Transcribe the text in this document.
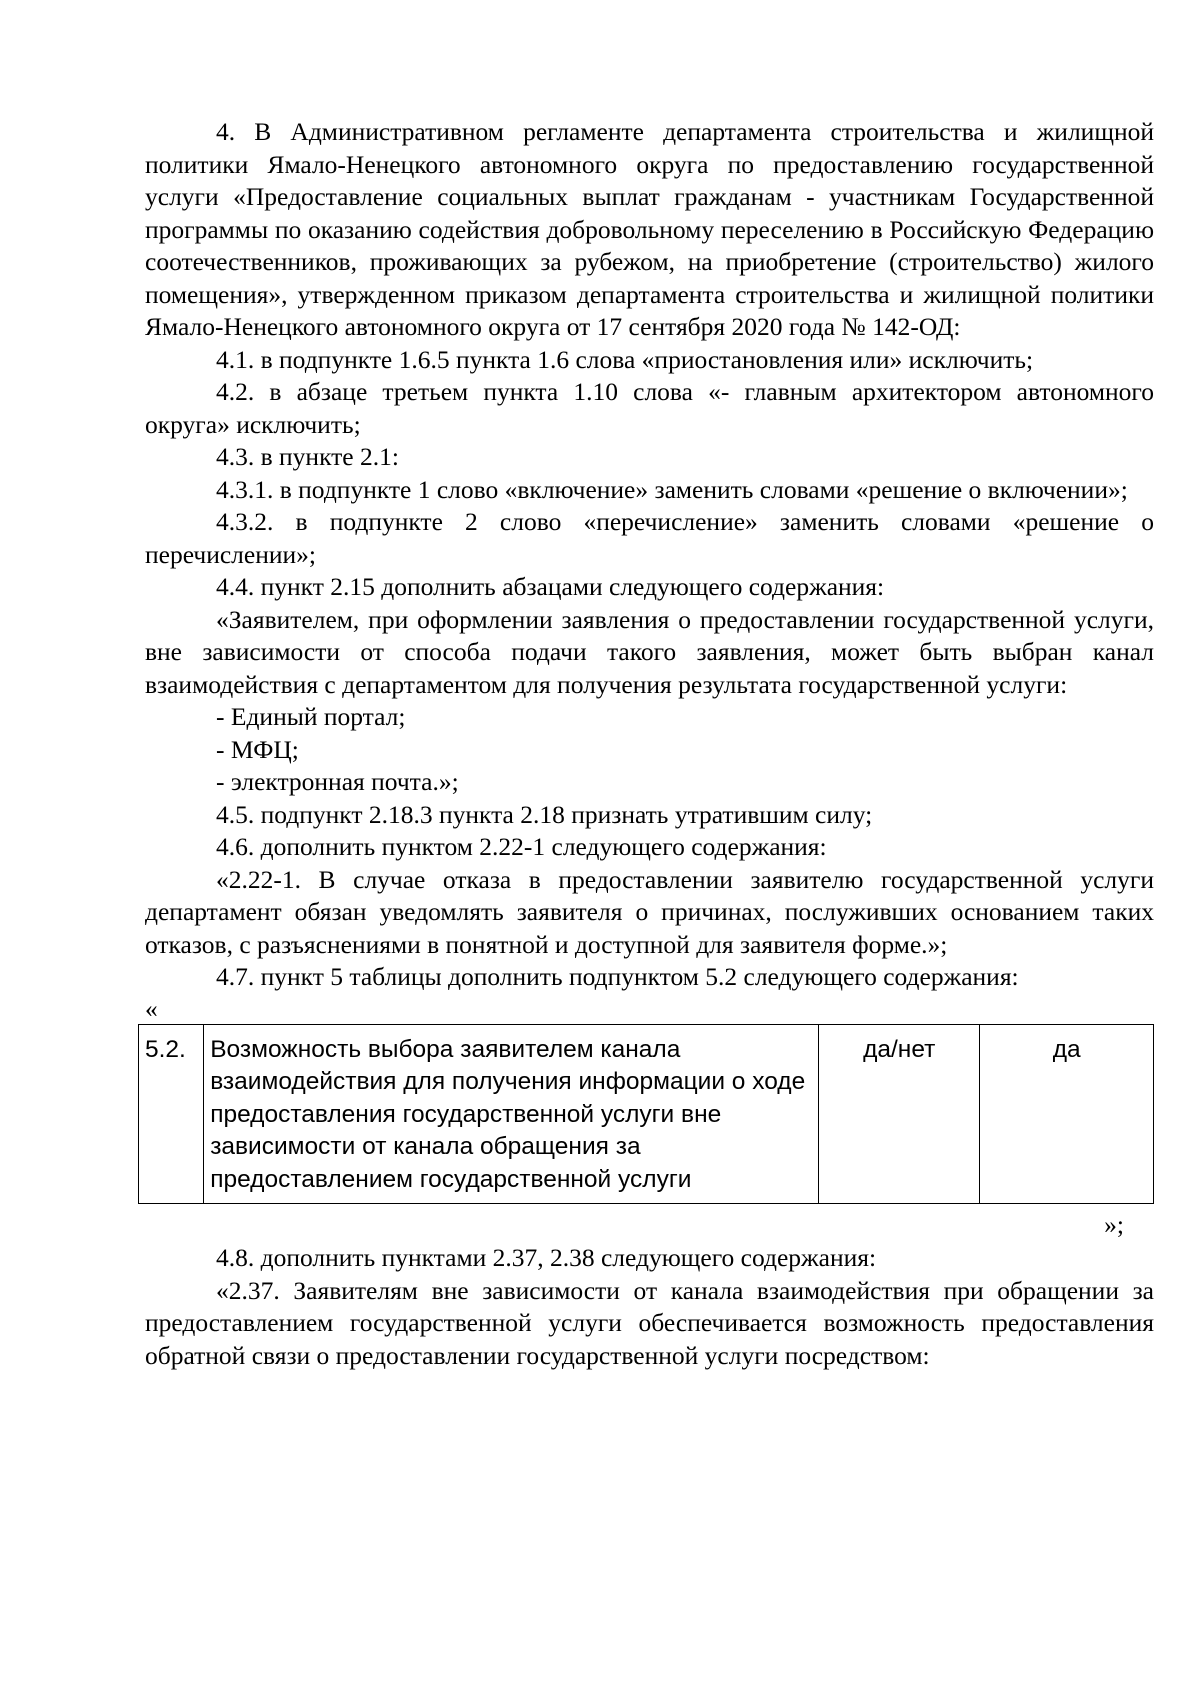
4. В Административном регламенте департамента строительства и жилищной политики Ямало-Ненецкого автономного округа по предоставлению государственной услуги «Предоставление социальных выплат гражданам - участникам Государственной программы по оказанию содействия добровольному переселению в Российскую Федерацию соотечественников, проживающих за рубежом, на приобретение (строительство) жилого помещения», утвержденном приказом департамента строительства и жилищной политики Ямало-Ненецкого автономного округа от 17 сентября 2020 года № 142-ОД:

4.1. в подпункте 1.6.5 пункта 1.6 слова «приостановления или» исключить;

4.2. в абзаце третьем пункта 1.10 слова «- главным архитектором автономного округа» исключить;

4.3. в пункте 2.1:

4.3.1. в подпункте 1 слово «включение» заменить словами «решение о включении»;

4.3.2. в подпункте 2 слово «перечисление» заменить словами «решение о перечислении»;

4.4. пункт 2.15 дополнить абзацами следующего содержания:

«Заявителем, при оформлении заявления о предоставлении государственной услуги, вне зависимости от способа подачи такого заявления, может быть выбран канал взаимодействия с департаментом для получения результата государственной услуги:

- Единый портал;

- МФЦ;

- электронная почта.»;

4.5. подпункт 2.18.3 пункта 2.18 признать утратившим силу;

4.6. дополнить пунктом 2.22-1 следующего содержания:

«2.22-1. В случае отказа в предоставлении заявителю государственной услуги департамент обязан уведомлять заявителя о причинах, послуживших основанием таких отказов, с разъяснениями в понятной и доступной для заявителя форме.»;

4.7. пункт 5 таблицы дополнить подпунктом 5.2 следующего содержания:

«

5.2.	Возможность выбора заявителем канала взаимодействия для получения информации о ходе предоставления государственной услуги вне зависимости от канала обращения за предоставлением государственной услуги	да/нет	да

»;

4.8. дополнить пунктами 2.37, 2.38 следующего содержания:

«2.37. Заявителям вне зависимости от канала взаимодействия при обращении за предоставлением государственной услуги обеспечивается возможность предоставления обратной связи о предоставлении государственной услуги посредством:
